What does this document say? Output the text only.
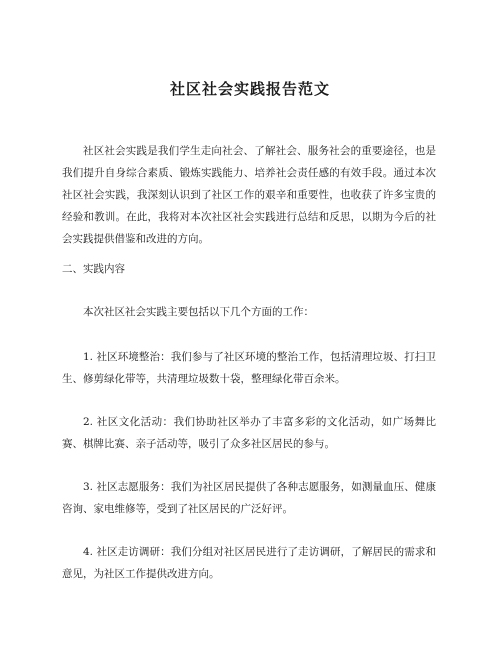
社区社会实践报告范文

社区社会实践是我们学生走向社会、了解社会、服务社会的重要途径，也是我们提升自身综合素质、锻炼实践能力、培养社会责任感的有效手段。通过本次社区社会实践，我深刻认识到了社区工作的艰辛和重要性，也收获了许多宝贵的经验和教训。在此，我将对本次社区社会实践进行总结和反思，以期为今后的社会实践提供借鉴和改进的方向。

二、实践内容

本次社区社会实践主要包括以下几个方面的工作：

1. 社区环境整治：我们参与了社区环境的整治工作，包括清理垃圾、打扫卫生、修剪绿化带等，共清理垃圾数十袋，整理绿化带百余米。

2. 社区文化活动：我们协助社区举办了丰富多彩的文化活动，如广场舞比赛、棋牌比赛、亲子活动等，吸引了众多社区居民的参与。

3. 社区志愿服务：我们为社区居民提供了各种志愿服务，如测量血压、健康咨询、家电维修等，受到了社区居民的广泛好评。

4. 社区走访调研：我们分组对社区居民进行了走访调研，了解居民的需求和意见，为社区工作提供改进方向。
